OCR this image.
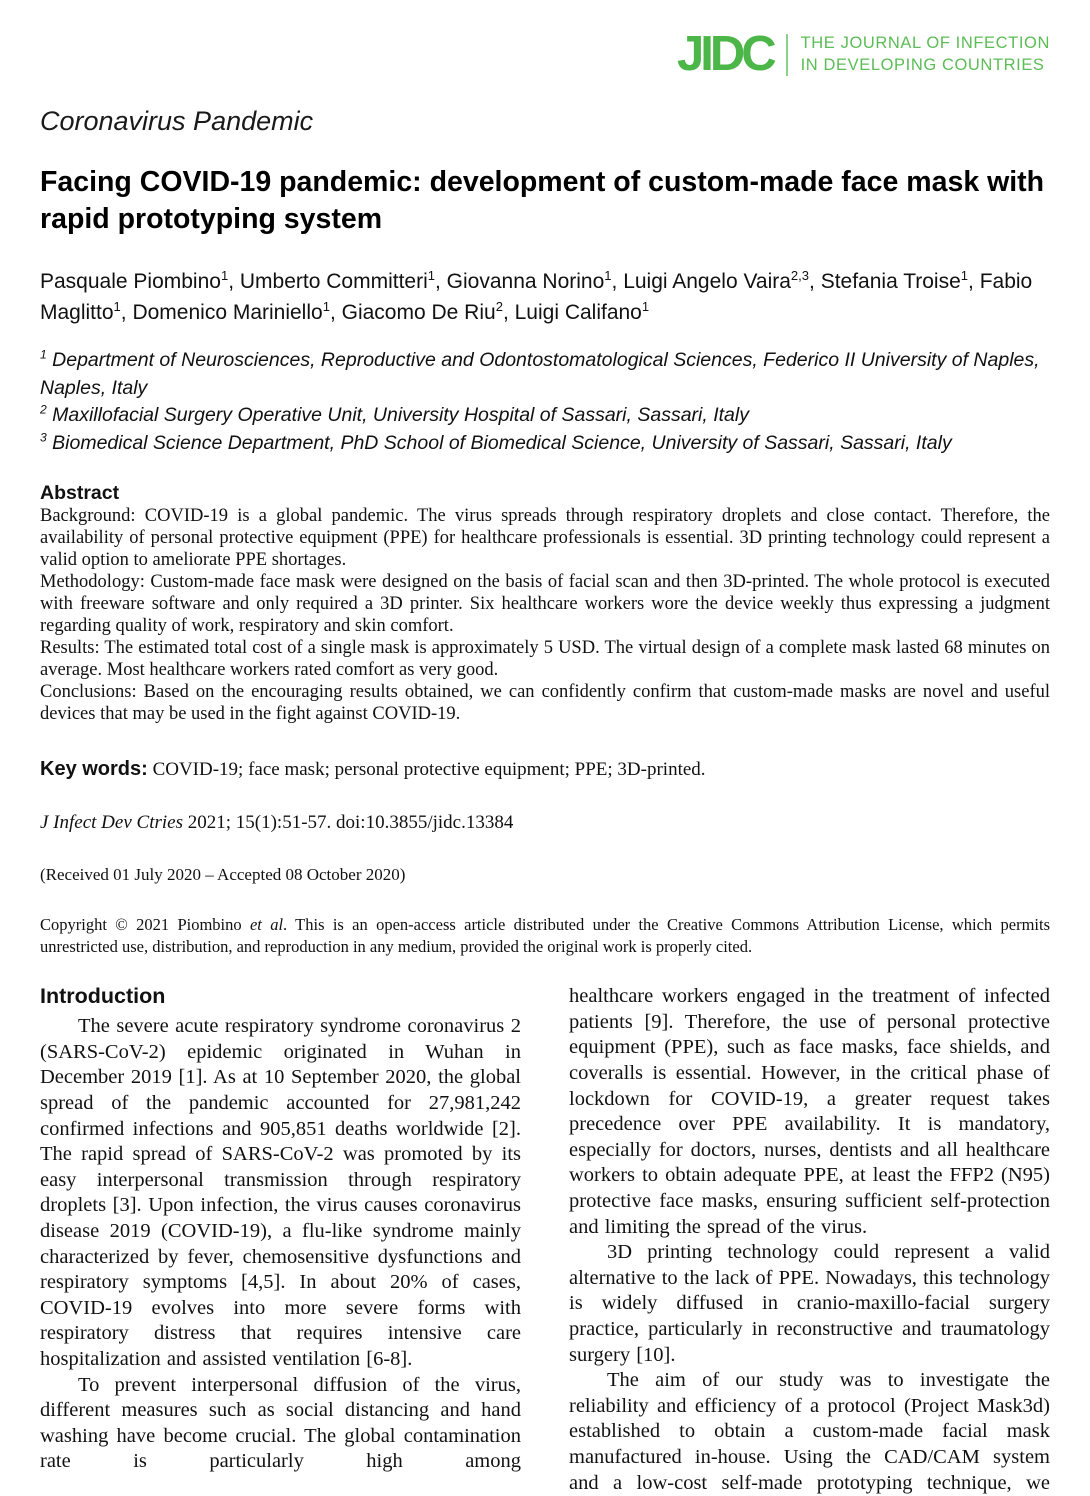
JIDC THE JOURNAL OF INFECTION
IN DEVELOPING COUNTRIES
Coronavirus Pandemic
Facing COVID-19 pandemic: development of custom-made face mask with rapid prototyping system

Pasquale Piombino$^1$, Umberto Committeri$^1$, Giovanna Norino$^1$, Luigi Angelo Vaira$^{2,3}$, Stefania Troise$^1$, Fabio Maglitto$^1$, Domenico Mariniello$^1$, Giacomo De Riu$^2$, Luigi Califano$^1$

$^1$ Department of Neurosciences, Reproductive and Odontostomatological Sciences, Federico II University of Naples, Naples, Italy
$^2$ Maxillofacial Surgery Operative Unit, University Hospital of Sassari, Sassari, Italy
$^3$ Biomedical Science Department, PhD School of Biomedical Science, University of Sassari, Sassari, Italy
Abstract

Background: COVID-19 is a global pandemic. The virus spreads through respiratory droplets and close contact. Therefore, the availability of personal protective equipment (PPE) for healthcare professionals is essential. 3D printing technology could represent a valid option to ameliorate PPE shortages.

Methodology: Custom-made face mask were designed on the basis of facial scan and then 3D-printed. The whole protocol is executed with freeware software and only required a 3D printer. Six healthcare workers wore the device weekly thus expressing a judgment regarding quality of work, respiratory and skin comfort.

Results: The estimated total cost of a single mask is approximately 5 USD. The virtual design of a complete mask lasted 68 minutes on average. Most healthcare workers rated comfort as very good.

Conclusions: Based on the encouraging results obtained, we can confidently confirm that custom-made masks are novel and useful devices that may be used in the fight against COVID-19.

Key words: COVID-19; face mask; personal protective equipment; PPE; 3D-printed.

J Infect Dev Ctries 2021; 15(1):51-57. doi:10.3855/jidc.13384

(Received 01 July 2020 – Accepted 08 October 2020)

Copyright © 2021 Piombino et al. This is an open-access article distributed under the Creative Commons Attribution License, which permits unrestricted use, distribution, and reproduction in any medium, provided the original work is properly cited.

Introduction

The severe acute respiratory syndrome coronavirus 2 (SARS-CoV-2) epidemic originated in Wuhan in December 2019 [1]. As at 10 September 2020, the global spread of the pandemic accounted for 27,981,242 confirmed infections and 905,851 deaths worldwide [2]. The rapid spread of SARS-CoV-2 was promoted by its easy interpersonal transmission through respiratory droplets [3]. Upon infection, the virus causes coronavirus disease 2019 (COVID-19), a flu-like syndrome mainly characterized by fever, chemosensitive dysfunctions and respiratory symptoms [4,5]. In about 20% of cases, COVID-19 evolves into more severe forms with respiratory distress that requires intensive care hospitalization and assisted ventilation [6-8].

To prevent interpersonal diffusion of the virus, different measures such as social distancing and hand washing have become crucial. The global contamination rate is particularly high among

healthcare workers engaged in the treatment of infected patients [9]. Therefore, the use of personal protective equipment (PPE), such as face masks, face shields, and coveralls is essential. However, in the critical phase of lockdown for COVID-19, a greater request takes precedence over PPE availability. It is mandatory, especially for doctors, nurses, dentists and all healthcare workers to obtain adequate PPE, at least the FFP2 (N95) protective face masks, ensuring sufficient self-protection and limiting the spread of the virus.

3D printing technology could represent a valid alternative to the lack of PPE. Nowadays, this technology is widely diffused in cranio-maxillo-facial surgery practice, particularly in reconstructive and traumatology surgery [10].

The aim of our study was to investigate the reliability and efficiency of a protocol (Project Mask3d) established to obtain a custom-made facial mask manufactured in-house. Using the CAD/CAM system and a low-cost self-made prototyping technique, we
